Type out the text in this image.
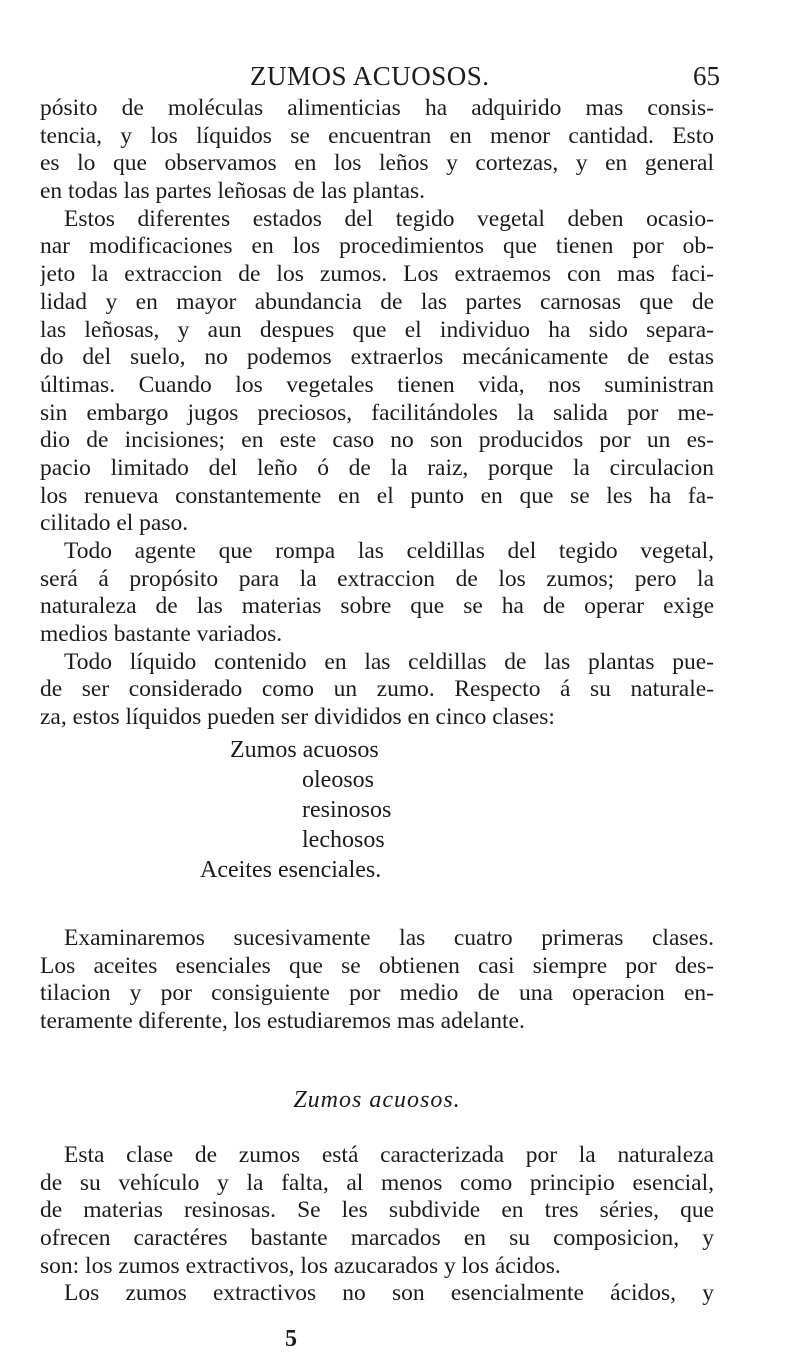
ZUMOS ACUOSOS.	65
pósito de moléculas alimenticias ha adquirido mas consis-
tencia, y los líquidos se encuentran en menor cantidad. Esto
es lo que observamos en los leños y cortezas, y en general
en todas las partes leñosas de las plantas.
Estos diferentes estados del tegido vegetal deben ocasio-
nar modificaciones en los procedimientos que tienen por ob-
jeto la extraccion de los zumos. Los extraemos con mas faci-
lidad y en mayor abundancia de las partes carnosas que de
las leñosas, y aun despues que el individuo ha sido separa-
do del suelo, no podemos extraerlos mecánicamente de estas
últimas. Cuando los vegetales tienen vida, nos suministran
sin embargo jugos preciosos, facilitándoles la salida por me-
dio de incisiones; en este caso no son producidos por un es-
pacio limitado del leño ó de la raiz, porque la circulacion
los renueva constantemente en el punto en que se les ha fa-
cilitado el paso.
Todo agente que rompa las celdillas del tegido vegetal,
será á propósito para la extraccion de los zumos; pero la
naturaleza de las materias sobre que se ha de operar exige
medios bastante variados.
Todo líquido contenido en las celdillas de las plantas pue-
de ser considerado como un zumo. Respecto á su naturale-
za, estos líquidos pueden ser divididos en cinco clases:
Zumos acuosos
oleosos
resinosos
lechosos
Aceites esenciales.
Examinaremos sucesivamente las cuatro primeras clases.
Los aceites esenciales que se obtienen casi siempre por des-
tilacion y por consiguiente por medio de una operacion en-
teramente diferente, los estudiaremos mas adelante.
Zumos acuosos.
Esta clase de zumos está caracterizada por la naturaleza
de su vehículo y la falta, al menos como principio esencial,
de materias resinosas. Se les subdivide en tres séries, que
ofrecen caractéres bastante marcados en su composicion, y
son: los zumos extractivos, los azucarados y los ácidos.
Los zumos extractivos no son esencialmente ácidos, y
5
